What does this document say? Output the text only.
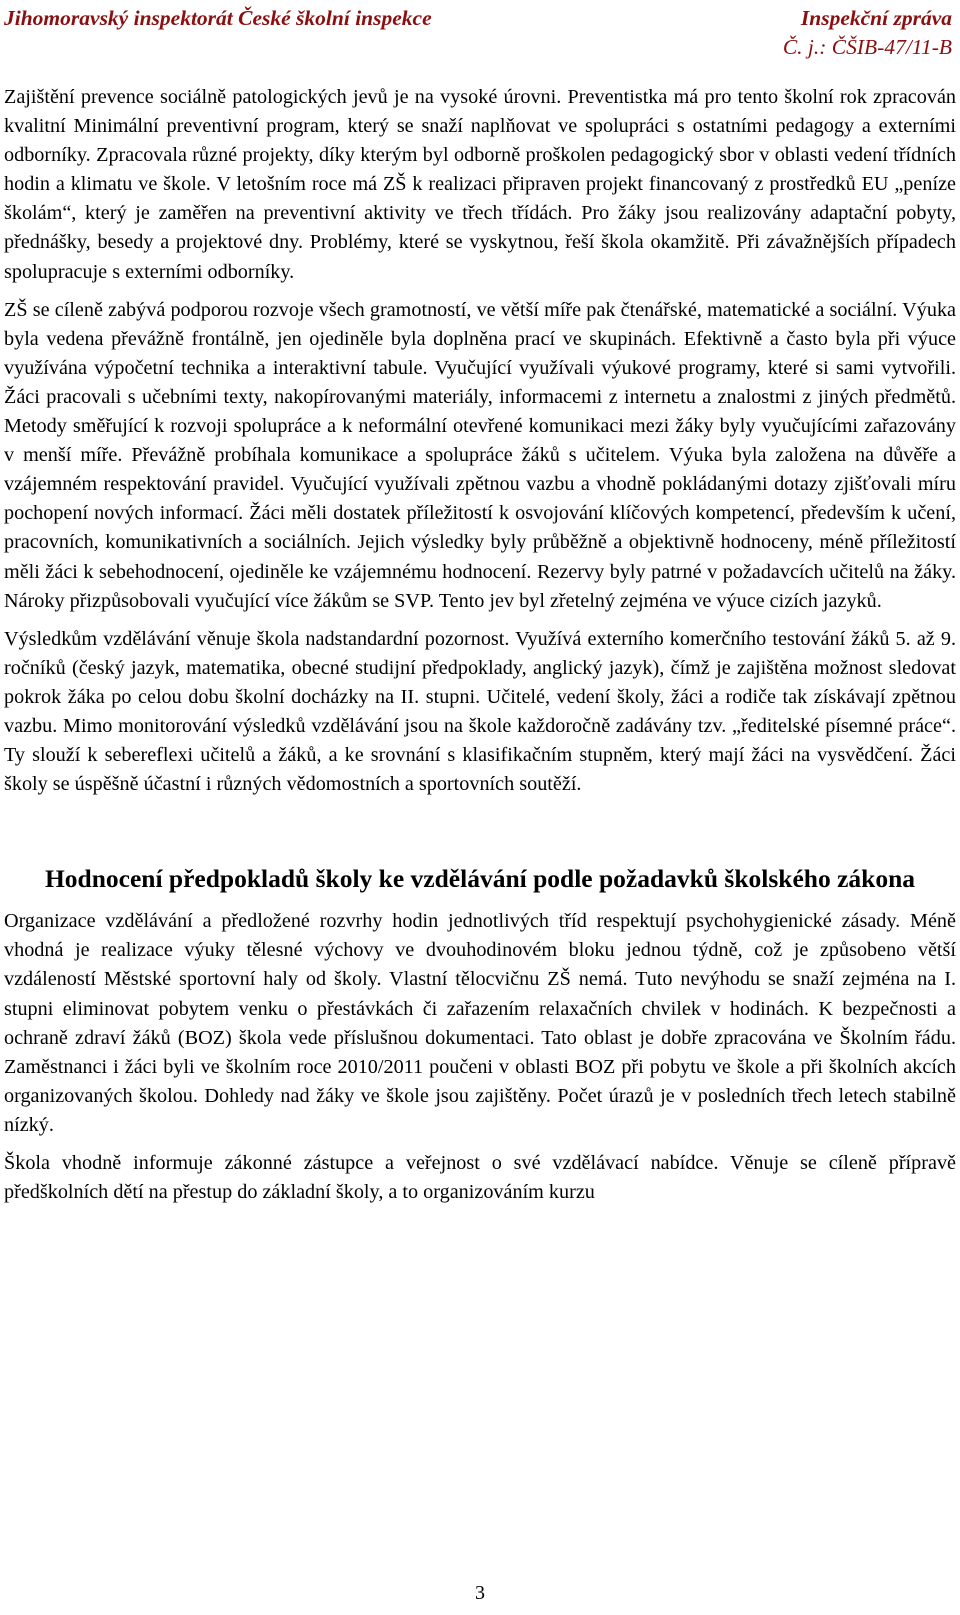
Jihomoravský inspektorát České školní inspekce	Inspekční zpráva
Č. j.: ČŠIB-47/11-B

Zajištění prevence sociálně patologických jevů je na vysoké úrovni. Preventistka má pro tento školní rok zpracován kvalitní Minimální preventivní program, který se snaží naplňovat ve spolupráci s ostatními pedagogy a externími odborníky. Zpracovala různé projekty, díky kterým byl odborně proškolen pedagogický sbor v oblasti vedení třídních hodin a klimatu ve škole. V letošním roce má ZŠ k realizaci připraven projekt financovaný z prostředků EU „peníze školám“, který je zaměřen na preventivní aktivity ve třech třídách. Pro žáky jsou realizovány adaptační pobyty, přednášky, besedy a projektové dny. Problémy, které se vyskytnou, řeší škola okamžitě. Při závažnějších případech spolupracuje s externími odborníky.

ZŠ se cíleně zabývá podporou rozvoje všech gramotností, ve větší míře pak čtenářské, matematické a sociální. Výuka byla vedena převážně frontálně, jen ojediněle byla doplněna prací ve skupinách. Efektivně a často byla při výuce využívána výpočetní technika a interaktivní tabule. Vyučující využívali výukové programy, které si sami vytvořili. Žáci pracovali s učebními texty, nakopírovanými materiály, informacemi z internetu a znalostmi z jiných předmětů. Metody směřující k rozvoji spolupráce a k neformální otevřené komunikaci mezi žáky byly vyučujícími zařazovány v menší míře. Převážně probíhala komunikace a spolupráce žáků s učitelem. Výuka byla založena na důvěře a vzájemném respektování pravidel. Vyučující využívali zpětnou vazbu a vhodně pokládanými dotazy zjišťovali míru pochopení nových informací. Žáci měli dostatek příležitostí k osvojování klíčových kompetencí, především k učení, pracovních, komunikativních a sociálních. Jejich výsledky byly průběžně a objektivně hodnoceny, méně příležitostí měli žáci k sebehodnocení, ojediněle ke vzájemnému hodnocení. Rezervy byly patrné v požadavcích učitelů na žáky. Nároky přizpůsobovali vyučující více žákům se SVP. Tento jev byl zřetelný zejména ve výuce cizích jazyků.

Výsledkům vzdělávání věnuje škola nadstandardní pozornost. Využívá externího komerčního testování žáků 5. až 9. ročníků (český jazyk, matematika, obecné studijní předpoklady, anglický jazyk), čímž je zajištěna možnost sledovat pokrok žáka po celou dobu školní docházky na II. stupni. Učitelé, vedení školy, žáci a rodiče tak získávají zpětnou vazbu. Mimo monitorování výsledků vzdělávání jsou na škole každoročně zadávány tzv. „ředitelské písemné práce“. Ty slouží k sebereflexi učitelů a žáků, a ke srovnání s klasifikačním stupněm, který mají žáci na vysvědčení. Žáci školy se úspěšně účastní i různých vědomostních a sportovních soutěží.

Hodnocení předpokladů školy ke vzdělávání podle požadavků školského zákona

Organizace vzdělávání a předložené rozvrhy hodin jednotlivých tříd respektují psychohygienické zásady. Méně vhodná je realizace výuky tělesné výchovy ve dvouhodinovém bloku jednou týdně, což je způsobeno větší vzdáleností Městské sportovní haly od školy. Vlastní tělocvičnu ZŠ nemá. Tuto nevýhodu se snaží zejména na I. stupni eliminovat pobytem venku o přestávkách či zařazením relaxačních chvilek v hodinách. K bezpečnosti a ochraně zdraví žáků (BOZ) škola vede příslušnou dokumentaci. Tato oblast je dobře zpracována ve Školním řádu. Zaměstnanci i žáci byli ve školním roce 2010/2011 poučeni v oblasti BOZ při pobytu ve škole a při školních akcích organizovaných školou. Dohledy nad žáky ve škole jsou zajištěny. Počet úrazů je v posledních třech letech stabilně nízký.

Škola vhodně informuje zákonné zástupce a veřejnost o své vzdělávací nabídce. Věnuje se cíleně přípravě předškolních dětí na přestup do základní školy, a to organizováním kurzu

3
